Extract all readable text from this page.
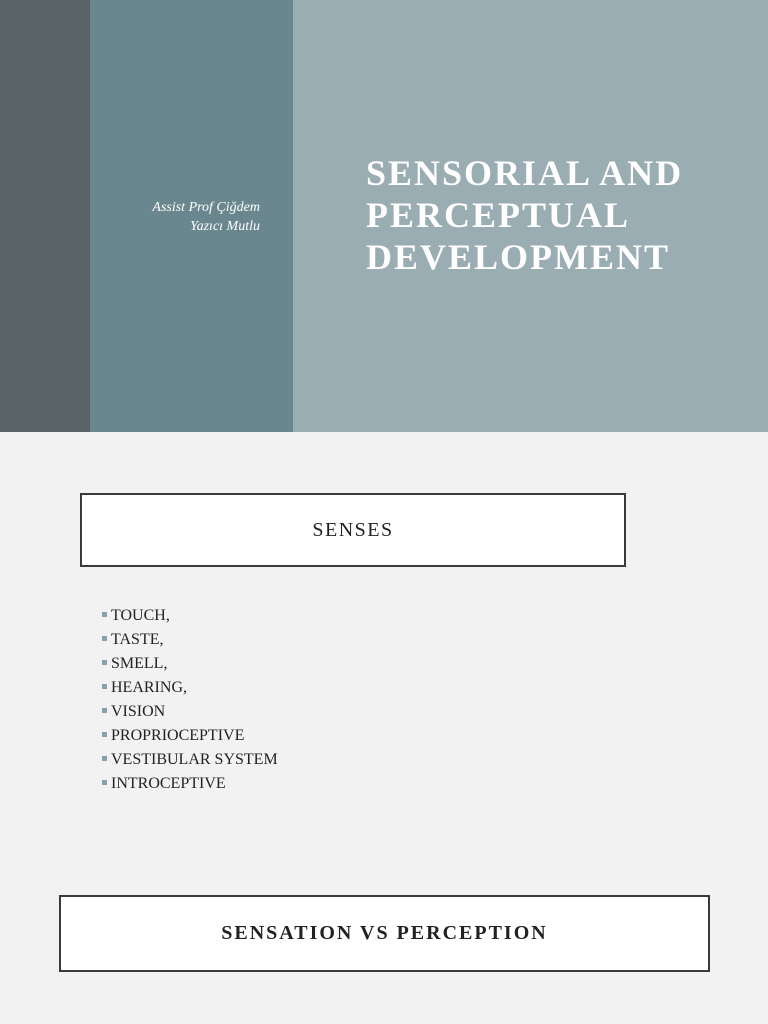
Assist Prof Çiğdem
Yazıcı Mutlu
SENSORIAL AND
PERCEPTUAL
DEVELOPMENT
SENSES
TOUCH,
TASTE,
SMELL,
HEARING,
VISION
PROPRIOCEPTIVE
VESTIBULAR SYSTEM
INTROCEPTIVE
SENSATION VS PERCEPTION
